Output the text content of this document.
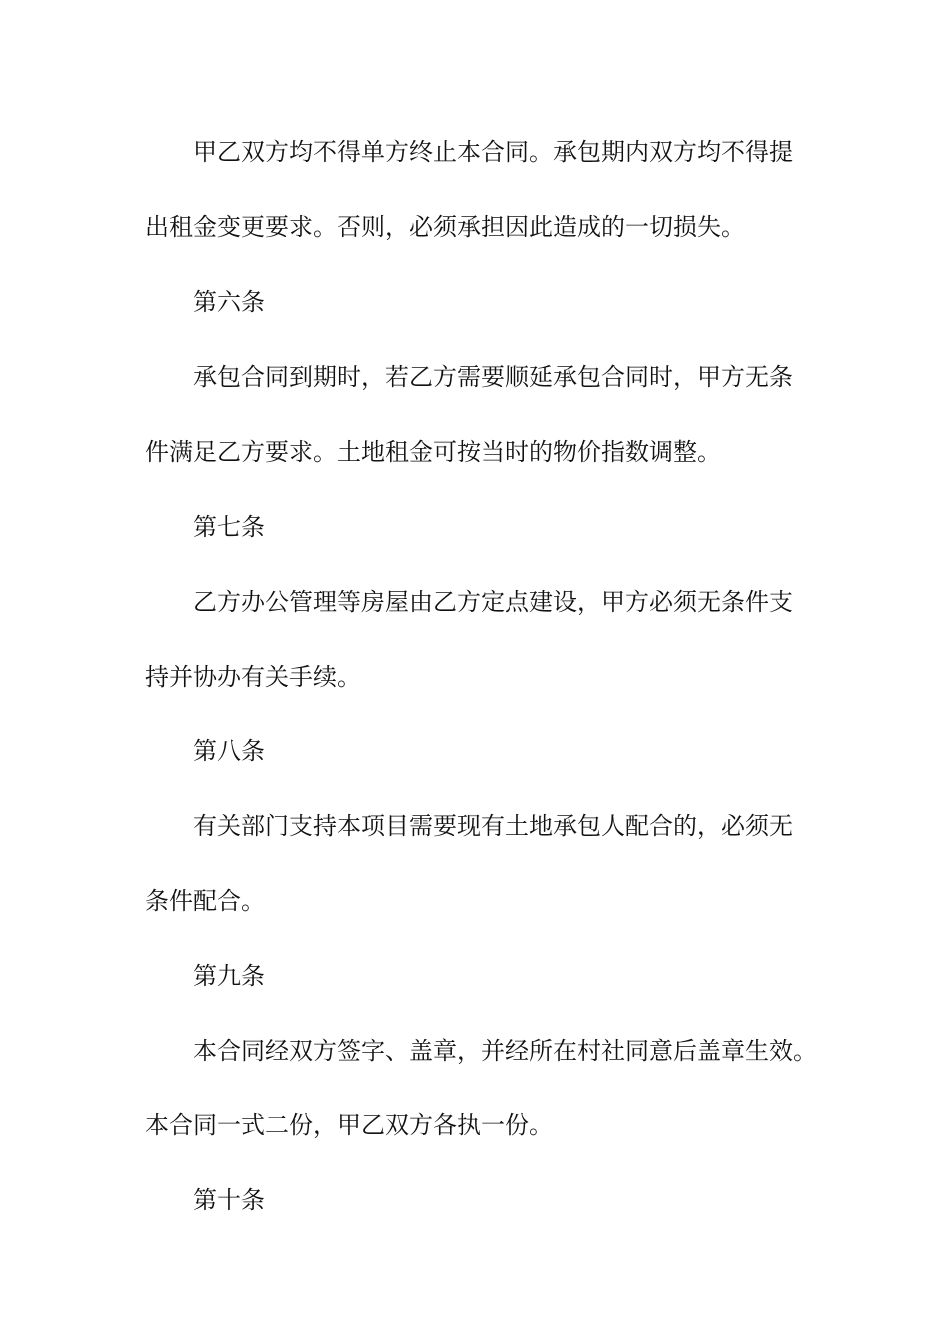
甲乙双方均不得单方终止本合同。承包期内双方均不得提
出租金变更要求。否则，必须承担因此造成的一切损失。
第六条
承包合同到期时，若乙方需要顺延承包合同时，甲方无条
件满足乙方要求。土地租金可按当时的物价指数调整。
第七条
乙方办公管理等房屋由乙方定点建设，甲方必须无条件支
持并协办有关手续。
第八条
有关部门支持本项目需要现有土地承包人配合的，必须无
条件配合。
第九条
本合同经双方签字、盖章，并经所在村社同意后盖章生效。
本合同一式二份，甲乙双方各执一份。
第十条
